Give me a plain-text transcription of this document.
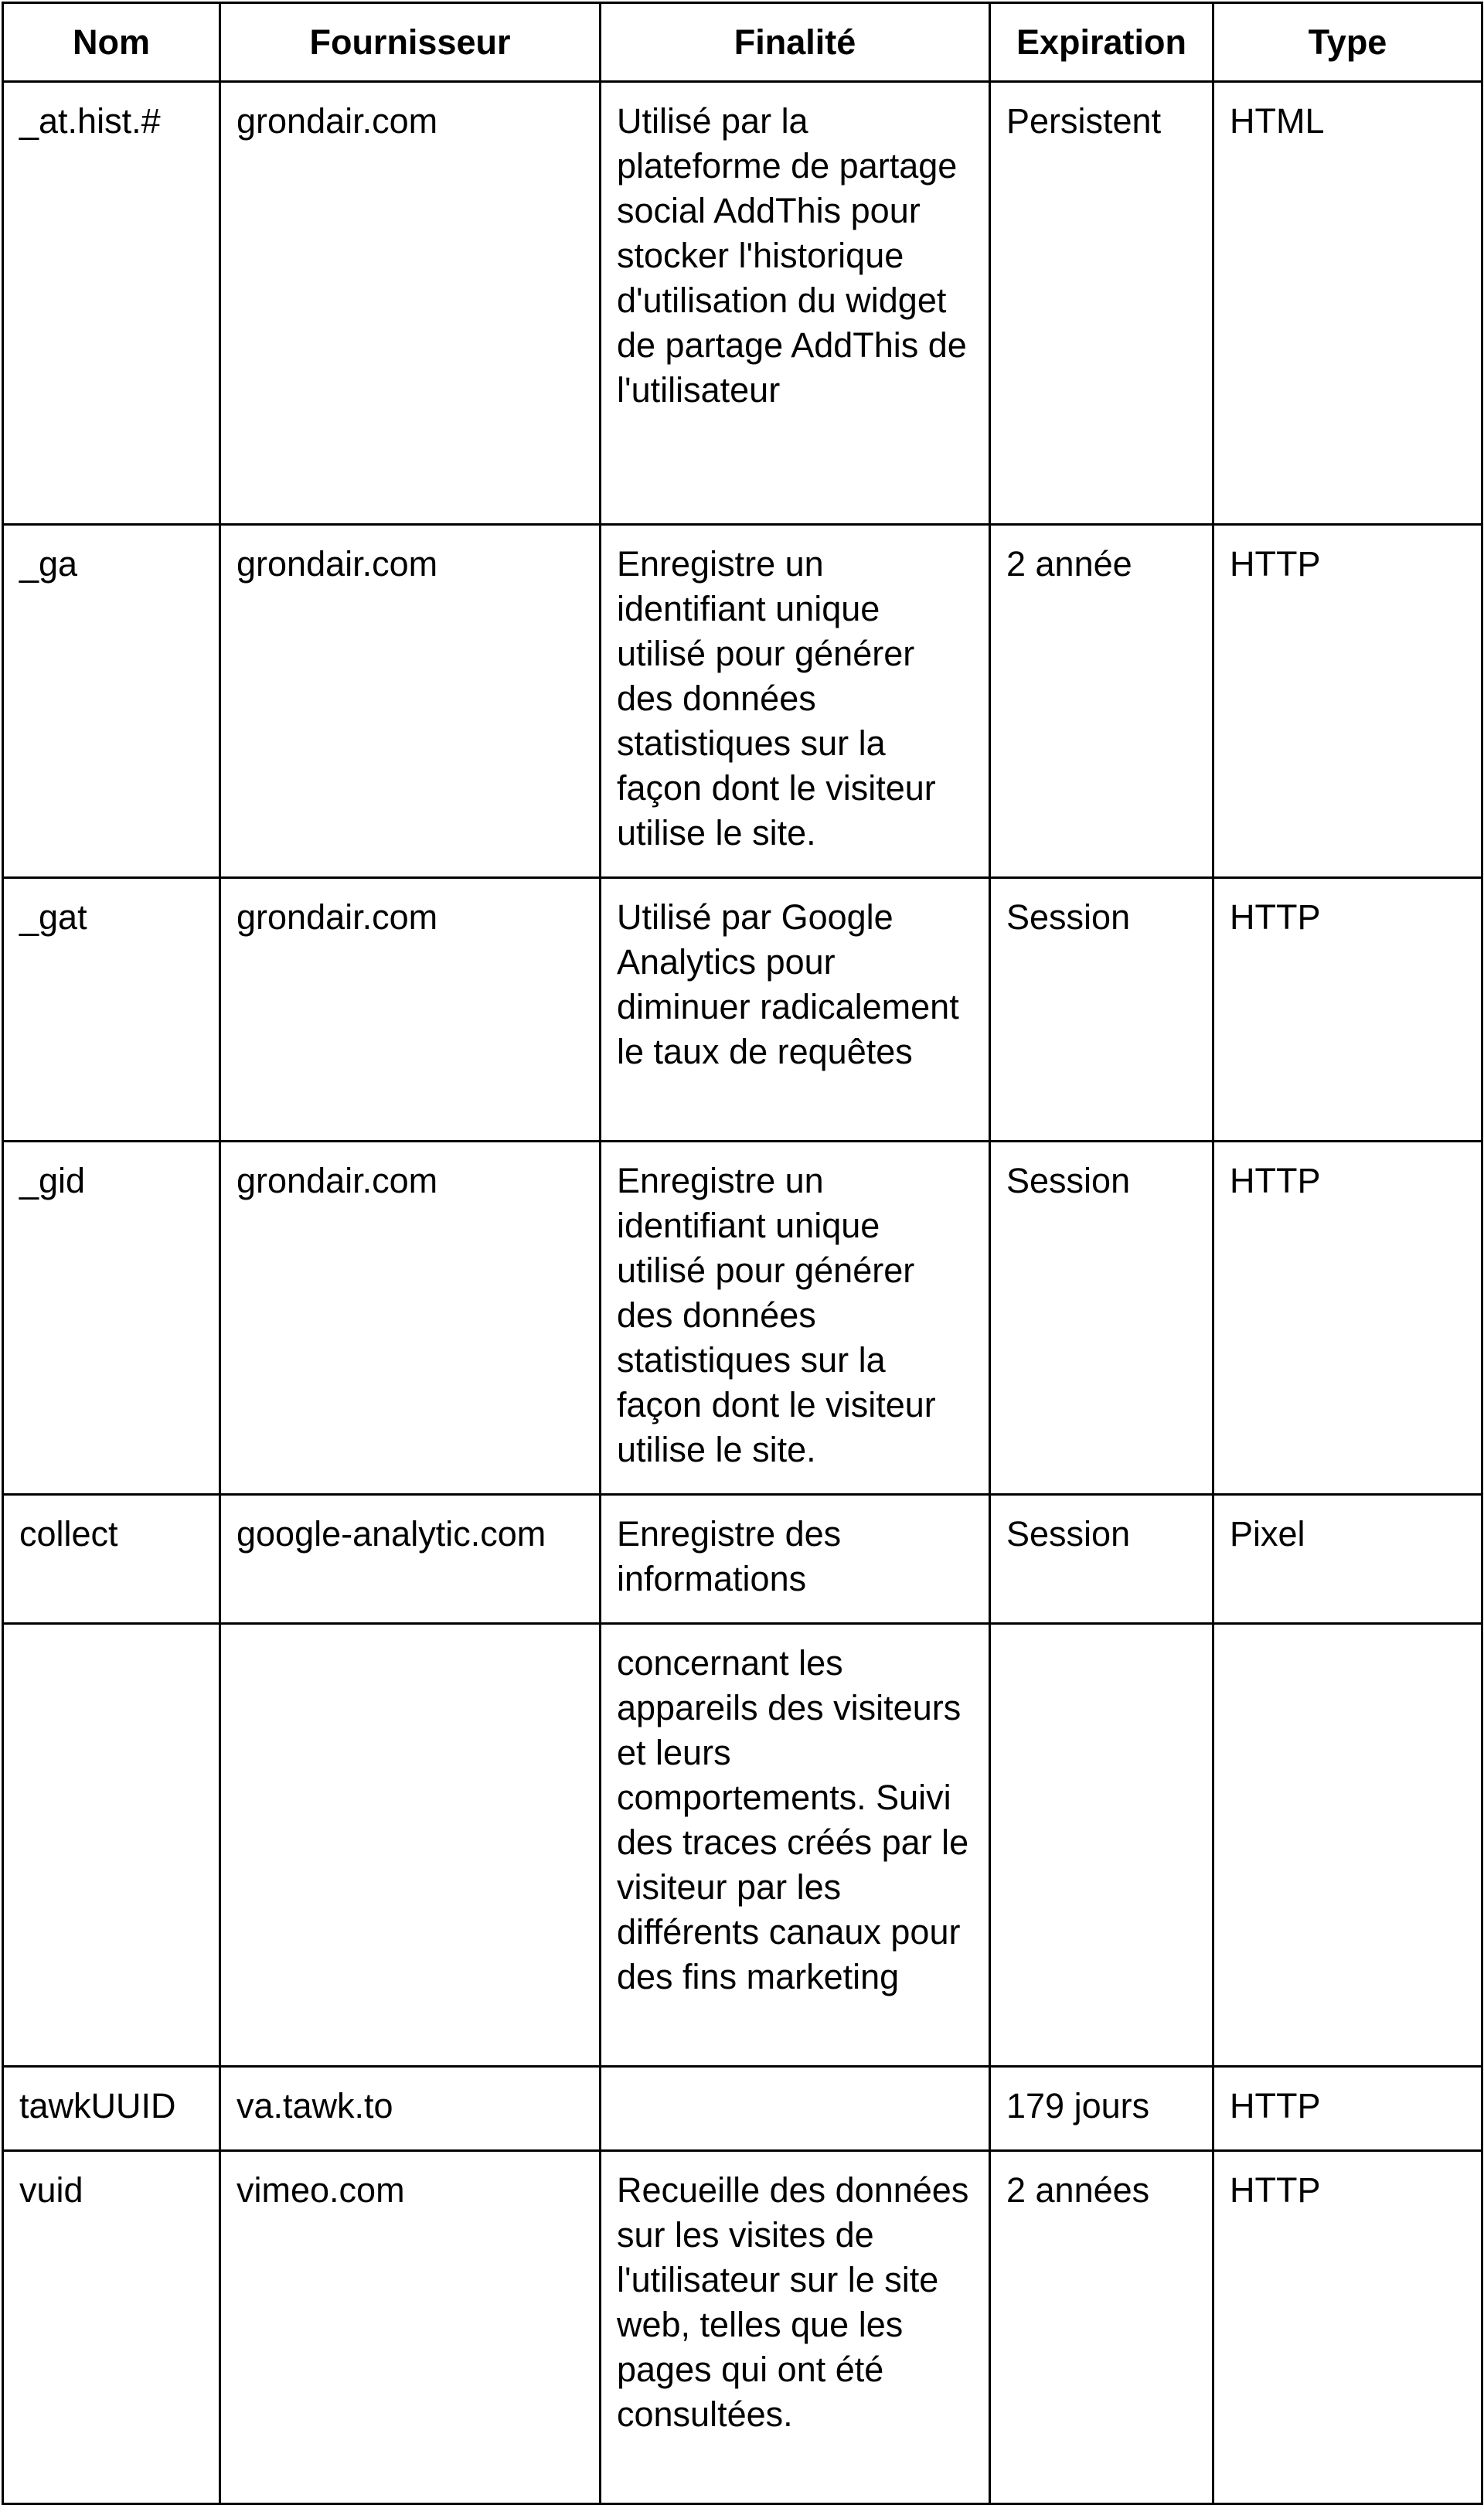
Nom	Fournisseur	Finalité	Expiration	Type
_at.hist.#	grondair.com	Utilisé par la plateforme de partage social AddThis pour stocker l'historique d'utilisation du widget de partage AddThis de l'utilisateur	Persistent	HTML
_ga	grondair.com	Enregistre un identifiant unique utilisé pour générer des données statistiques sur la façon dont le visiteur utilise le site.	2 année	HTTP
_gat	grondair.com	Utilisé par Google Analytics pour diminuer radicalement le taux de requêtes	Session	HTTP
_gid	grondair.com	Enregistre un identifiant unique utilisé pour générer des données statistiques sur la façon dont le visiteur utilise le site.	Session	HTTP
collect	google-analytic.com	Enregistre des informations	Session	Pixel
		concernant les appareils des visiteurs et leurs comportements. Suivi des traces créés par le visiteur par les différents canaux pour des fins marketing		
tawkUUID	va.tawk.to		179 jours	HTTP
vuid	vimeo.com	Recueille des données sur les visites de l'utilisateur sur le site web, telles que les pages qui ont été consultées.	2 années	HTTP
